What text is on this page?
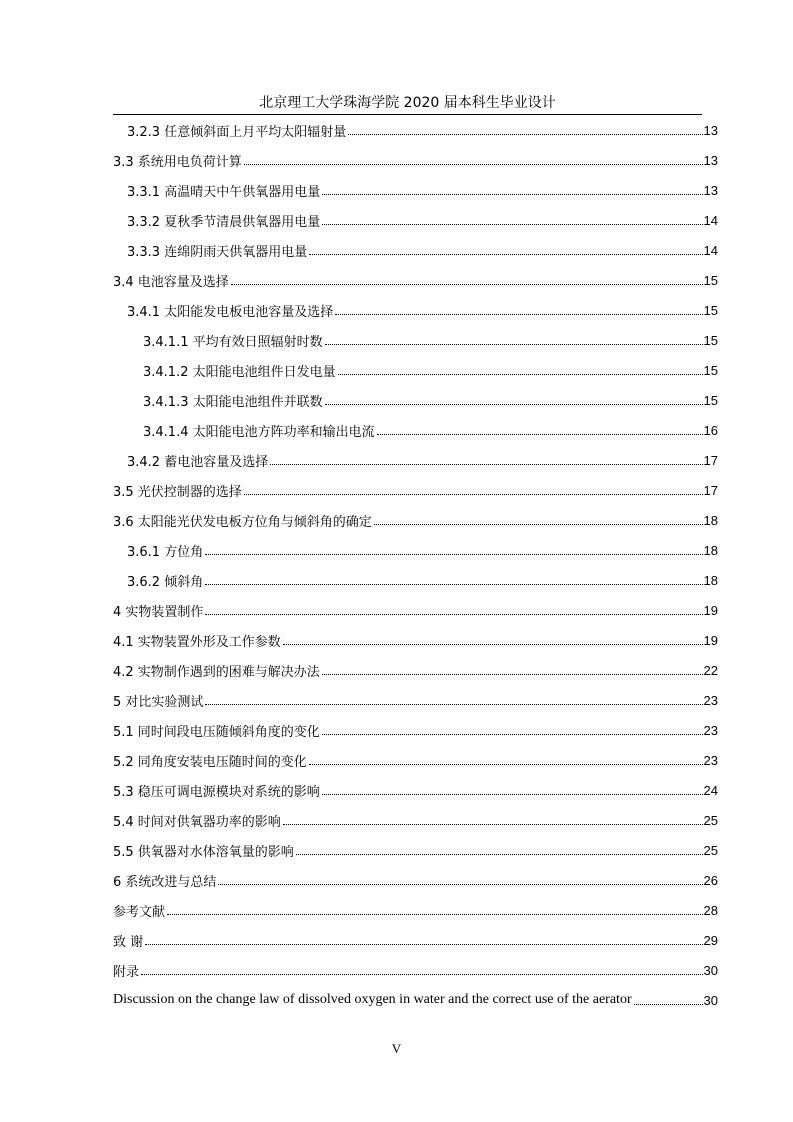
北京理工大学珠海学院 2020 届本科生毕业设计
3.2.3 任意倾斜面上月平均太阳辐射量	13
3.3 系统用电负荷计算	13
3.3.1 高温晴天中午供氧器用电量	13
3.3.2 夏秋季节清晨供氧器用电量	14
3.3.3 连绵阴雨天供氧器用电量	14
3.4 电池容量及选择	15
3.4.1 太阳能发电板电池容量及选择	15
3.4.1.1 平均有效日照辐射时数	15
3.4.1.2 太阳能电池组件日发电量	15
3.4.1.3 太阳能电池组件并联数	15
3.4.1.4 太阳能电池方阵功率和输出电流	16
3.4.2 蓄电池容量及选择	17
3.5 光伏控制器的选择	17
3.6 太阳能光伏发电板方位角与倾斜角的确定	18
3.6.1 方位角	18
3.6.2 倾斜角	18
4 实物装置制作	19
4.1 实物装置外形及工作参数	19
4.2 实物制作遇到的困难与解决办法	22
5 对比实验测试	23
5.1 同时间段电压随倾斜角度的变化	23
5.2 同角度安装电压随时间的变化	23
5.3 稳压可调电源模块对系统的影响	24
5.4 时间对供氧器功率的影响	25
5.5 供氧器对水体溶氧量的影响	25
6 系统改进与总结	26
参考文献	28
致 谢	29
附录	30
Discussion on the change law of dissolved oxygen in water and the correct use of the aerator	30
V
